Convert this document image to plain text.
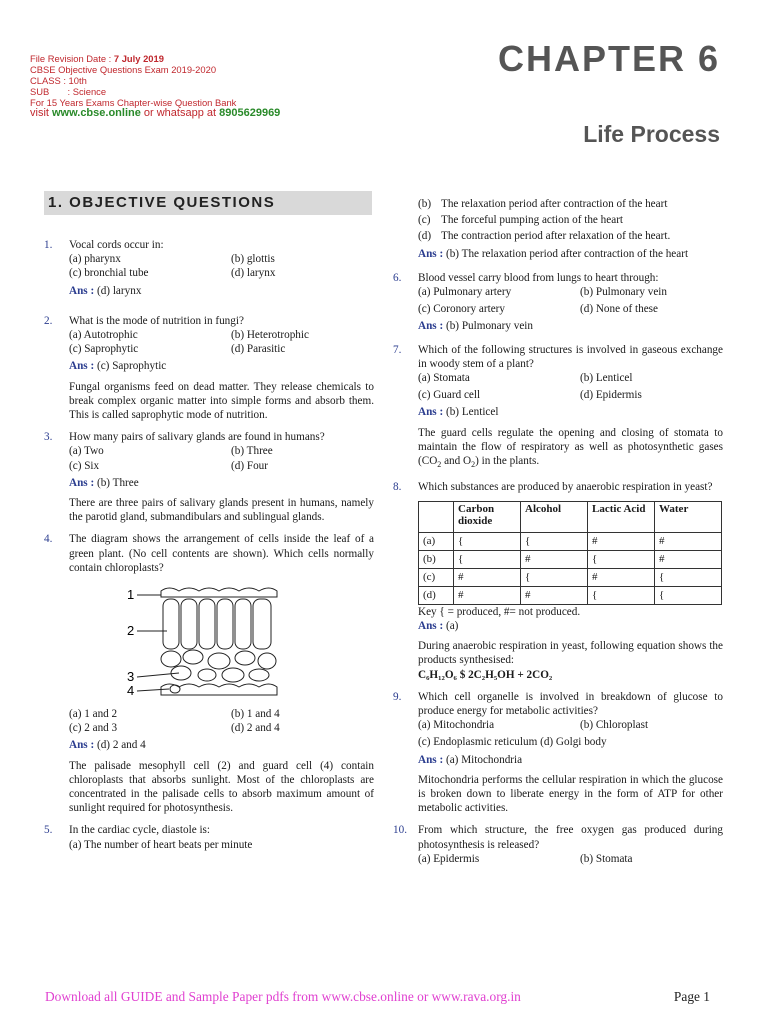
File Revision Date : 7 July 2019
CBSE Objective Questions Exam 2019-2020
CLASS : 10th
SUB       : Science
For 15 Years Exams Chapter-wise Question Bank
visit www.cbse.online or whatsapp at 8905629969
CHAPTER 6
Life Process
1. OBJECTIVE QUESTIONS
1.	Vocal cords occur in:
(a) pharynx	(b) glottis
(c) bronchial tube	(d) larynx
Ans : (d) larynx
2.	What is the mode of nutrition in fungi?
(a) Autotrophic	(b) Heterotrophic
(c) Saprophytic	(d) Parasitic
Ans : (c) Saprophytic
Fungal organisms feed on dead matter. They release chemicals to break complex organic matter into simple forms and absorb them. This is called saprophytic mode of nutrition.
3.	How many pairs of salivary glands are found in humans?
(a) Two	(b) Three
(c) Six	(d) Four
Ans : (b) Three
There are three pairs of salivary glands present in humans, namely the parotid gland, submandibulars and sublingual glands.
4.	The diagram shows the arrangement of cells inside the leaf of a green plant. (No cell contents are shown). Which cells normally contain chloroplasts?
1
2
3
4
(a) 1 and 2	(b) 1 and 4
(c) 2 and 3	(d) 2 and 4
Ans : (d) 2 and 4
The palisade mesophyll cell (2) and guard cell (4) contain chloroplasts that absorbs sunlight. Most of the chloroplasts are concentrated in the palisade cells to absorb maximum amount of sunlight required for photosynthesis.
5.	In the cardiac cycle, diastole is:
(a) The number of heart beats per minute
(b) The relaxation period after contraction of the heart
(c) The forceful pumping action of the heart
(d) The contraction period after relaxation of the heart.
Ans : (b) The relaxation period after contraction of the heart
6.	Blood vessel carry blood from lungs to heart through:
(a) Pulmonary artery	(b) Pulmonary vein
(c) Coronory artery	(d) None of these
Ans : (b) Pulmonary vein
7.	Which of the following structures is involved in gaseous exchange in woody stem of a plant?
(a) Stomata	(b) Lenticel
(c) Guard cell	(d) Epidermis
Ans : (b) Lenticel
The guard cells regulate the opening and closing of stomata to maintain the flow of respiratory as well as photosynthetic gases ($CO_2$ and $O_2$) in the plants.
8.	Which substances are produced by anaerobic respiration in yeast?
	Carbon dioxide	Alcohol	Lactic Acid	Water
(a)	{	{	#	#
(b)	{	#	{	#
(c)	#	{	#	{
(d)	#	#	{	{
Key { = produced, #= not produced.
Ans : (a)
During anaerobic respiration in yeast, following equation shows the products synthesised:
C₆H₁₂O₆ $ 2C₂H₅OH + 2CO₂
9.	Which cell organelle is involved in breakdown of glucose to produce energy for metabolic activities?
(a) Mitochondria	(b) Chloroplast
(c) Endoplasmic reticulum (d) Golgi body
Ans : (a) Mitochondria
Mitochondria performs the cellular respiration in which the glucose is broken down to liberate energy in the form of ATP for other metabolic activities.
10. From which structure, the free oxygen gas produced during photosynthesis is released?
(a) Epidermis	(b) Stomata
Download all GUIDE and Sample Paper pdfs from www.cbse.online or www.rava.org.in	Page 1
